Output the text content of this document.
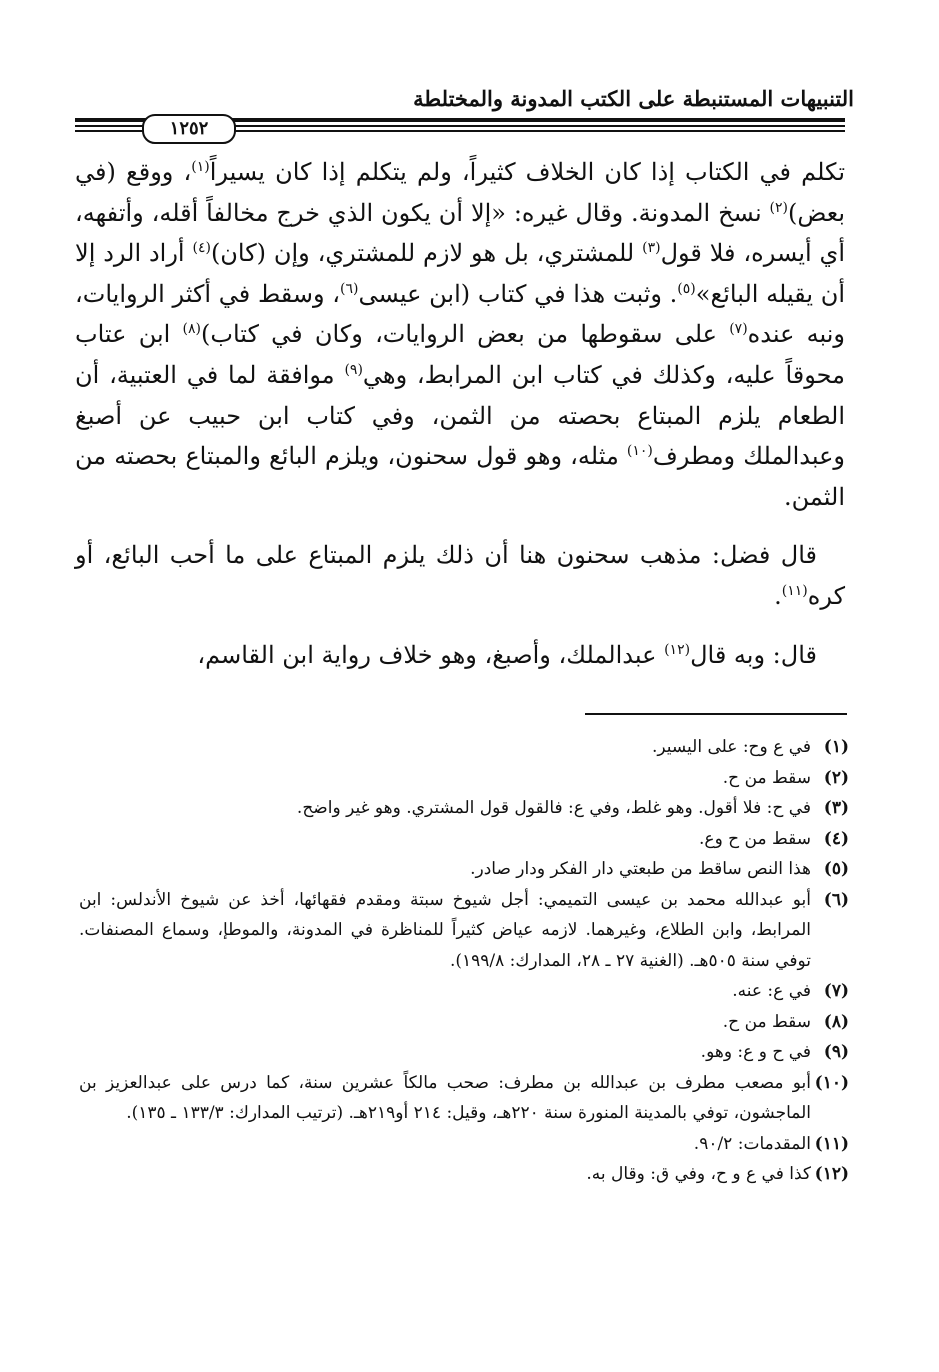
التنبيهات المستنبطة على الكتب المدونة والمختلطة
١٢٥٢

تكلم في الكتاب إذا كان الخلاف كثيراً، ولم يتكلم إذا كان يسيراً$^{(١)}$، ووقع (في بعض)$^{(٢)}$ نسخ المدونة. وقال غيره: «إلا أن يكون الذي خرج مخالفاً أقله، وأتفهه، أي أيسره، فلا قول$^{(٣)}$ للمشتري، بل هو لازم للمشتري، وإن (كان)$^{(٤)}$ أراد الرد إلا أن يقيله البائع»$^{(٥)}$. وثبت هذا في كتاب (ابن عيسى$^{(٦)}$، وسقط في أكثر الروايات، ونبه عنده$^{(٧)}$ على سقوطها من بعض الروايات، وكان في كتاب)$^{(٨)}$ ابن عتاب محوقاً عليه، وكذلك في كتاب ابن المرابط، وهي$^{(٩)}$ موافقة لما في العتبية، أن الطعام يلزم المبتاع بحصته من الثمن، وفي كتاب ابن حبيب عن أصبغ وعبدالملك ومطرف$^{(١٠)}$ مثله، وهو قول سحنون، ويلزم البائع والمبتاع بحصته من الثمن.

قال فضل: مذهب سحنون هنا أن ذلك يلزم المبتاع على ما أحب البائع، أو كره$^{(١١)}$.

قال: وبه قال$^{(١٢)}$ عبدالملك، وأصبغ، وهو خلاف رواية ابن القاسم،

(١)
في ع وح: على اليسير.
(٢)
سقط من ح.
(٣)
في ح: فلا أقول. وهو غلط، وفي ع: فالقول قول المشتري. وهو غير واضح.
(٤)
سقط من ح وع.
(٥)
هذا النص ساقط من طبعتي دار الفكر ودار صادر.
(٦)
أبو عبدالله محمد بن عيسى التميمي: أجل شيوخ سبتة ومقدم فقهائها، أخذ عن شيوخ الأندلس: ابن المرابط، وابن الطلاع، وغيرهما. لازمه عياض كثيراً للمناظرة في المدونة، والموطإ، وسماع المصنفات. توفي سنة ٥٠٥هـ. (الغنية ٢٧ ـ ٢٨، المدارك: ١٩٩/٨).
(٧)
في ع: عنه.
(٨)
سقط من ح.
(٩)
في ح و ع: وهو.
(١٠)
أبو مصعب مطرف بن عبدالله بن مطرف: صحب مالكاً عشرين سنة، كما درس على عبدالعزيز بن الماجشون، توفي بالمدينة المنورة سنة ٢٢٠هـ، وقيل: ٢١٤ أو٢١٩هـ. (ترتيب المدارك: ١٣٣/٣ ـ ١٣٥).
(١١)
المقدمات: ٩٠/٢.
(١٢)
كذا في ع و ح، وفي ق: وقال به.
